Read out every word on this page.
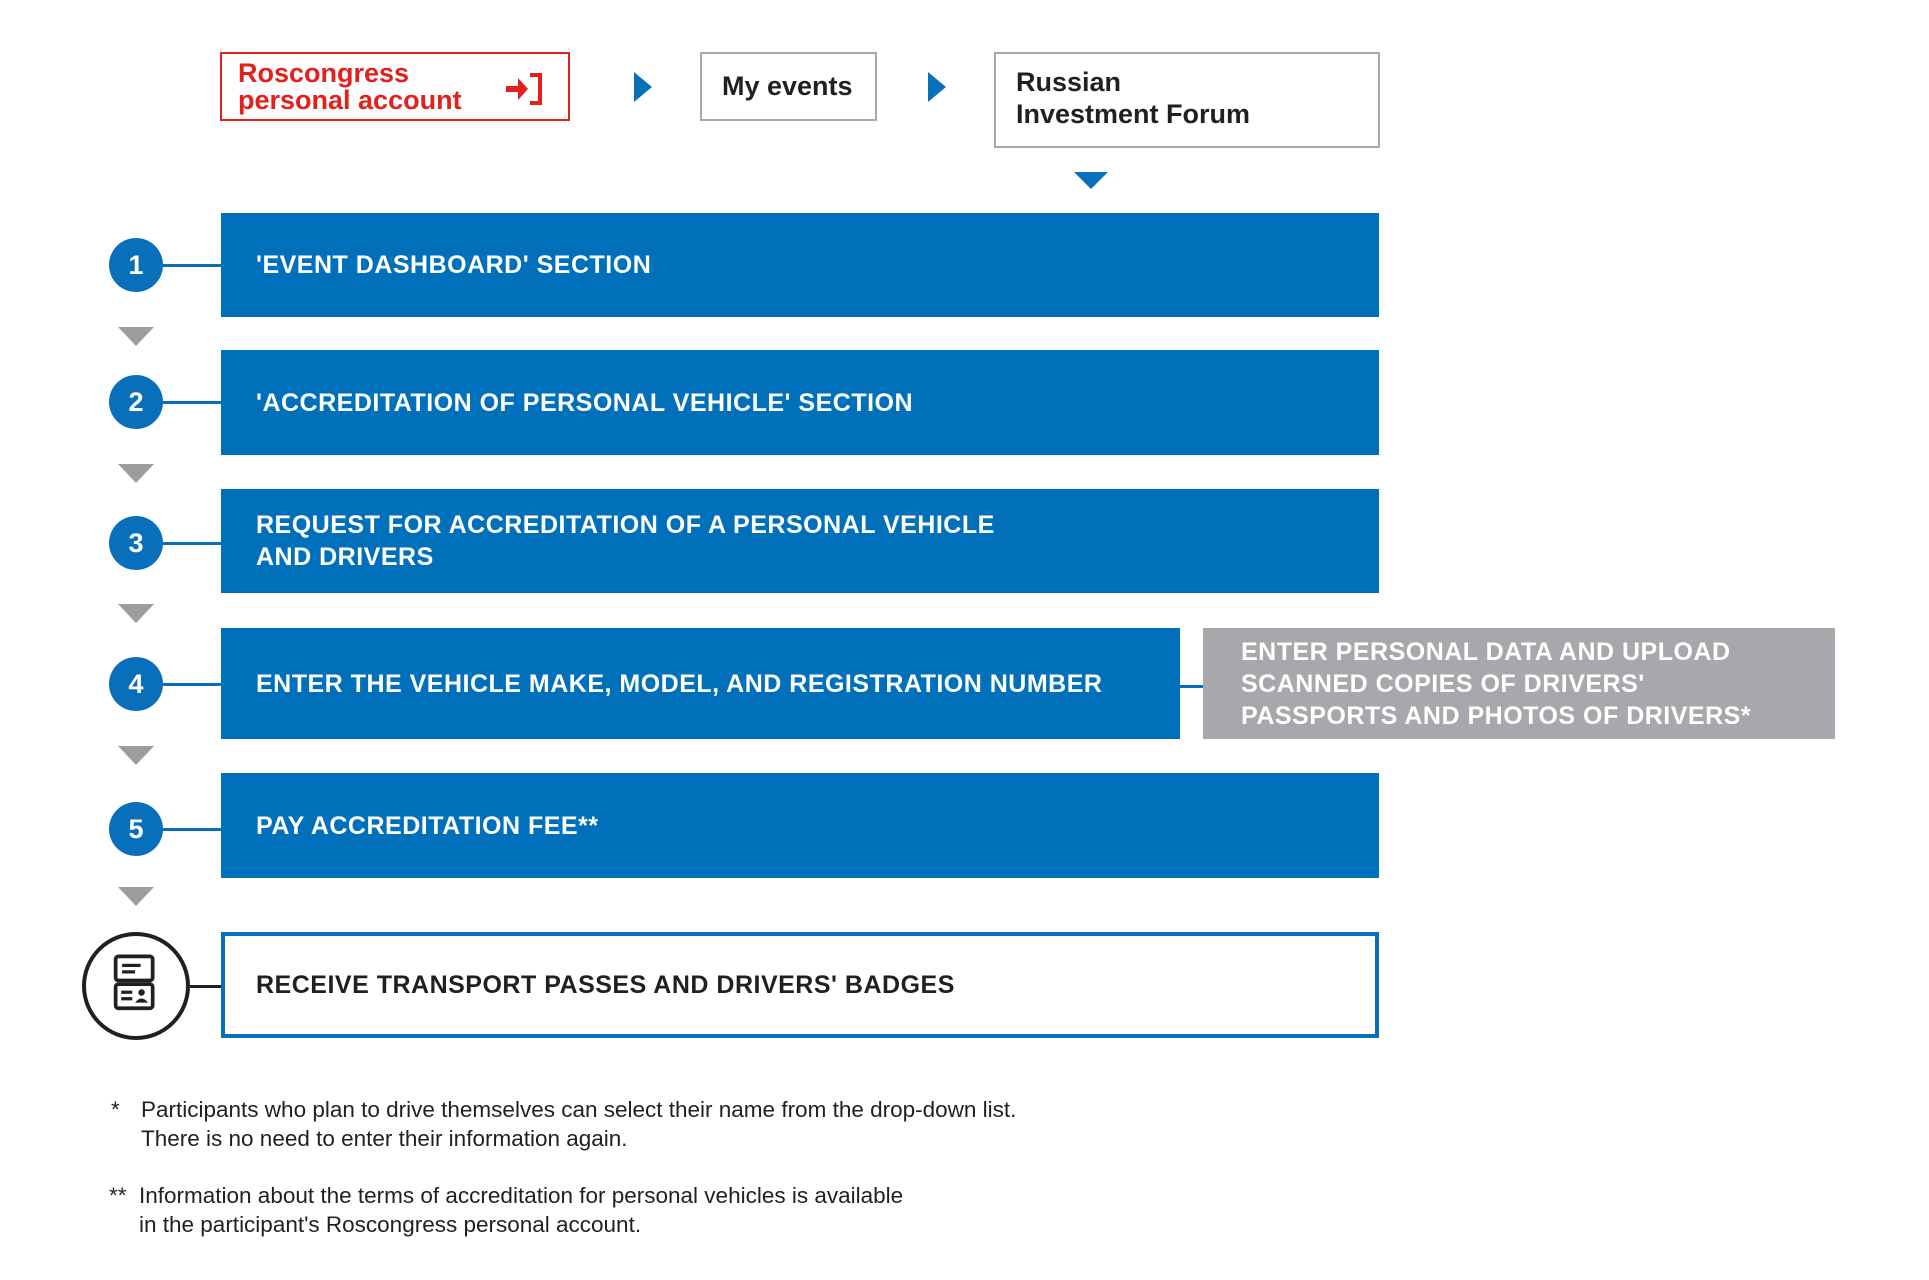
Roscongress
personal account	My events	Russian
Investment Forum
1	'EVENT DASHBOARD' SECTION
2	'ACCREDITATION OF PERSONAL VEHICLE' SECTION
3
REQUEST FOR ACCREDITATION OF A PERSONAL VEHICLE
AND DRIVERS
4	ENTER THE VEHICLE MAKE, MODEL, AND REGISTRATION NUMBER
ENTER PERSONAL DATA AND UPLOAD
SCANNED COPIES OF DRIVERS'
PASSPORTS AND PHOTOS OF DRIVERS*
5	PAY ACCREDITATION FEE**
RECEIVE TRANSPORT PASSES AND DRIVERS' BADGES
* Participants who plan to drive themselves can select their name from the drop-down list.
There is no need to enter their information again.
** Information about the terms of accreditation for personal vehicles is available
in the participant's Roscongress personal account.
